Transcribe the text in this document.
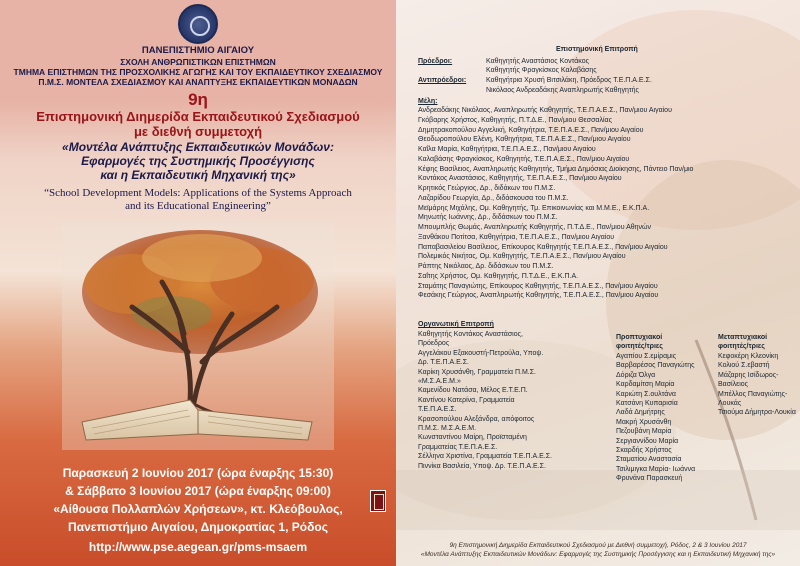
ΠΑΝΕΠΙΣΤΗΜΙΟ ΑΙΓΑΙΟΥ
ΣΧΟΛΗ ΑΝΘΡΩΠΙΣΤΙΚΩΝ ΕΠΙΣΤΗΜΩΝ
ΤΜΗΜΑ ΕΠΙΣΤΗΜΩΝ ΤΗΣ ΠΡΟΣΧΟΛΙΚΗΣ ΑΓΩΓΗΣ ΚΑΙ ΤΟΥ ΕΚΠΑΙΔΕΥΤΙΚΟΥ ΣΧΕΔΙΑΣΜΟΥ
Π.Μ.Σ. ΜΟΝΤΕΛΑ ΣΧΕΔΙΑΣΜΟΥ ΚΑΙ ΑΝΑΠΤΥΞΗΣ ΕΚΠΑΙΔΕΥΤΙΚΩΝ ΜΟΝΑΔΩΝ
9η
Επιστημονική Διημερίδα Εκπαιδευτικού Σχεδιασμού
με διεθνή συμμετοχή
«Μοντέλα Ανάπτυξης Εκπαιδευτικών Μονάδων:
Εφαρμογές της Συστημικής Προσέγγισης
και η Εκπαιδευτική Μηχανική της»
“School Development Models: Applications of the Systems Approach
and its Educational Engineering”
Παρασκευή 2 Ιουνίου 2017 (ώρα έναρξης 15:30)
& Σάββατο 3 Ιουνίου 2017 (ώρα έναρξης 09:00)
«Αίθουσα Πολλαπλών Χρήσεων», κτ. Κλεόβουλος,
Πανεπιστήμιο Αιγαίου, Δημοκρατίας 1, Ρόδος
http://www.pse.aegean.gr/pms-msaem
Επιστημονική Επιτροπή
Πρόεδροι:	Καθηγητής Αναστάσιος Κοντάκος
Καθηγητής Φραγκίσκος Καλαβάσης
Αντιπρόεδροι:	Καθηγήτρια Χρυσή Βιτσιλάκη, Πρόεδρος Τ.Ε.Π.Α.Ε.Σ.
Νικόλαος Ανδρεαδάκης Αναπληρωτής Καθηγητής
Μέλη:
Ανδρεαδάκης Νικόλαος, Αναπληρωτής Καθηγητής, Τ.Ε.Π.Α.Ε.Σ., Παν/μιου Αιγαίου
Γκόβαρης Χρήστος, Καθηγητής, Π.Τ.Δ.Ε., Παν/μιου Θεσσαλίας
Δημητρακοπούλου Αγγελική, Καθηγήτρια, Τ.Ε.Π.Α.Ε.Σ., Παν/μιου Αιγαίου
Θεοδωροπούλου Ελένη, Καθηγήτρια, Τ.Ε.Π.Α.Ε.Σ., Παν/μιου Αιγαίου
Καΐλα Μαρία, Καθηγήτρια, Τ.Ε.Π.Α.Ε.Σ., Παν/μιου Αιγαίου
Καλαβάσης Φραγκίσκος, Καθηγητής, Τ.Ε.Π.Α.Ε.Σ., Παν/μιου Αιγαίου
Κέφης Βασίλειος, Αναπληρωτής Καθηγητής, Τμήμα Δημόσιας Διοίκησης, Πάντειο Παν/μιο
Κοντάκος Αναστάσιος, Καθηγητής, Τ.Ε.Π.Α.Ε.Σ., Παν/μιου Αιγαίου
Κρητικός Γεώργιος, Δρ., διδάκων του Π.Μ.Σ.
Λαζαρίδου Γεωργία, Δρ., διδάσκουσα του Π.Μ.Σ.
Μεϊμάρης Μιχάλης, Ομ. Καθηγητής, Τμ. Επικοινωνίας και Μ.Μ.Ε., Ε.Κ.Π.Α.
Μηνωτής Ιωάννης, Δρ., διδάσκων του Π.Μ.Σ.
Μπουμπλής Θωμάς, Αναπληρωτής Καθηγητής, Π.Τ.Δ.Ε., Παν/μιου Αθηνών
Ξανθάκου Ποτίτσα, Καθηγήτρια, Τ.Ε.Π.Α.Ε.Σ., Παν/μιου Αιγαίου
Παπαβασιλείου Βασίλειος, Επίκουρος Καθηγητής Τ.Ε.Π.Α.Ε.Σ., Παν/μιου Αιγαίου
Πολεμικός Νικήτας, Ομ. Καθηγητής, Τ.Ε.Π.Α.Ε.Σ., Παν/μιου Αιγαίου
Ράπτης Νικόλαος, Δρ. διδάσκων του Π.Μ.Σ.
Σαΐτης Χρήστος, Ομ. Καθηγητής, Π.Τ.Δ.Ε., Ε.Κ.Π.Α.
Σταμάτης Παναγιώτης, Επίκουρος Καθηγητής, Τ.Ε.Π.Α.Ε.Σ., Παν/μιου Αιγαίου
Φεσάκης Γεώργιος, Αναπληρωτής Καθηγητής, Τ.Ε.Π.Α.Ε.Σ., Παν/μιου Αιγαίου
Οργανωτική Επιτροπή
Καθηγητής Κοντάκος Αναστάσιος,
Πρόεδρος
Αγγελάκου Εξακουστή-Πετρούλα, Υποψ.
Δρ. Τ.Ε.Π.Α.Ε.Σ.
Καρίκη Χρυσάνθη, Γραμματεία Π.Μ.Σ.
«Μ.Σ.Α.Ε.Μ.»
Καμενίδου Νατάσα, Μέλος Ε.Τ.Ε.Π.
Καντίνου Κατερίνα, Γραμματεία
Τ.Ε.Π.Α.Ε.Σ.
Κρασοπούλου Αλεξάνδρα, απόφοιτος
Π.Μ.Σ. Μ.Σ.Α.Ε.Μ.
Κωνσταντίνου Μαίρη, Προϊσταμένη
Γραμματείας Τ.Ε.Π.Α.Ε.Σ.
Σέλληνα Χριστίνα, Γραμματεία Τ.Ε.Π.Α.Ε.Σ.
Πιννίκα Βασιλεία, Υποψ. Δρ. Τ.Ε.Π.Α.Ε.Σ.
Προπτυχιακοί
φοιτητές/τριες
Αγαπίου Σ.εμίραμις
Βαρβαρέσος Παναγιώτης
Δόριζα Όλγα
Καρδαμίτση Μαρία
Καριώτη Σ.ουλτάνα
Κατσάνη Κυπαρισία
Λαδά Δημήτρης
Μακρή Χρυσάνθη
Πεζουβάνη Μαρία
Σεργιαννίδου Μαρία
Σκαρδής Χρήστος
Σταματίου Αναστασία
Τσιλιμιγκα Μαρία- Ιωάννα
Φρυνάνα Παρασκευή
Μεταπτυχιακοί
φοιτητές/τριες
Κεφοκέρη Κλεονίκη
Κολιού Σ.εβαστή
Μάζαρης Ισίδωρος-
Βασίλειος
Μπέλλος Παναγιώτης-
Λουκάς
Τσιούμα Δήμητρα-Λουκία
9η Επιστημονική Διημερίδα Εκπαιδευτικού Σχεδιασμού με Διεθνή συμμετοχή, Ρόδος, 2 & 3 Ιουνίου 2017
«Μοντέλα Ανάπτυξης Εκπαιδευτικών Μονάδων: Εφαρμογές της Συστημικής Προσέγγισης και η Εκπαιδευτική Μηχανική της»
